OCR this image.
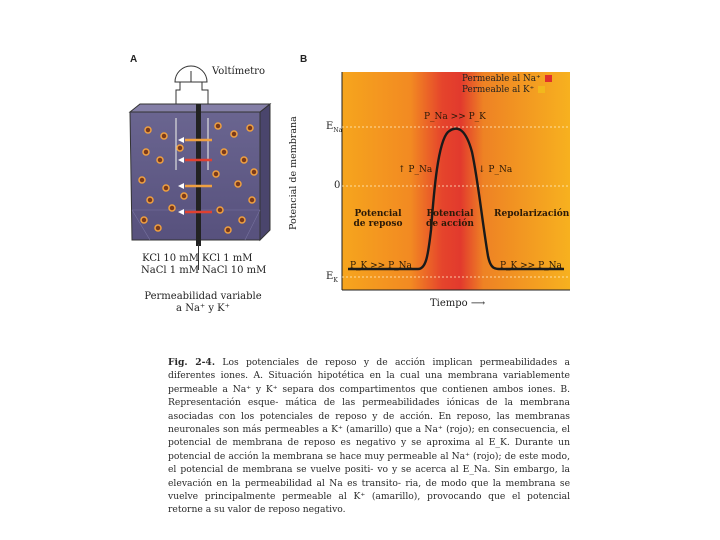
A
Voltímetro
KCl 10 mM
NaCl 1 mM
KCl 1 mM
NaCl 10 mM
Permeabilidad variable
a Na⁺ y K⁺
B
Potencial de membrana	$E_{Na}$
0
$E_K$
Permeable al Na⁺
Permeable al K⁺
P_Na >> P_K
↑ P_Na	↓ P_Na
Potencial
de reposo
Potencial
de acción
Repolarización
P_K >> P_Na	P_K >> P_Na
Tiempo ⟶
Fig. 2-4. Los potenciales de reposo y de acción implican permeabilidades a diferentes iones. A. Situación hipotética en la cual una membrana variablemente permeable a Na⁺ y K⁺ separa dos compartimentos que contienen ambos iones. B. Representación esque- mática de las permeabilidades iónicas de la membrana asociadas con los potenciales de reposo y de acción. En reposo, las membranas neuronales son más permeables a K⁺ (amarillo) que a Na⁺ (rojo); en consecuencia, el potencial de membrana de reposo es negativo y se aproxima al E_K. Durante un potencial de acción la membrana se hace muy permeable al Na⁺ (rojo); de este modo, el potencial de membrana se vuelve positi- vo y se acerca al E_Na. Sin embargo, la elevación en la permeabilidad al Na es transito- ria, de modo que la membrana se vuelve principalmente permeable al K⁺ (amarillo), provocando que el potencial retorne a su valor de reposo negativo.
